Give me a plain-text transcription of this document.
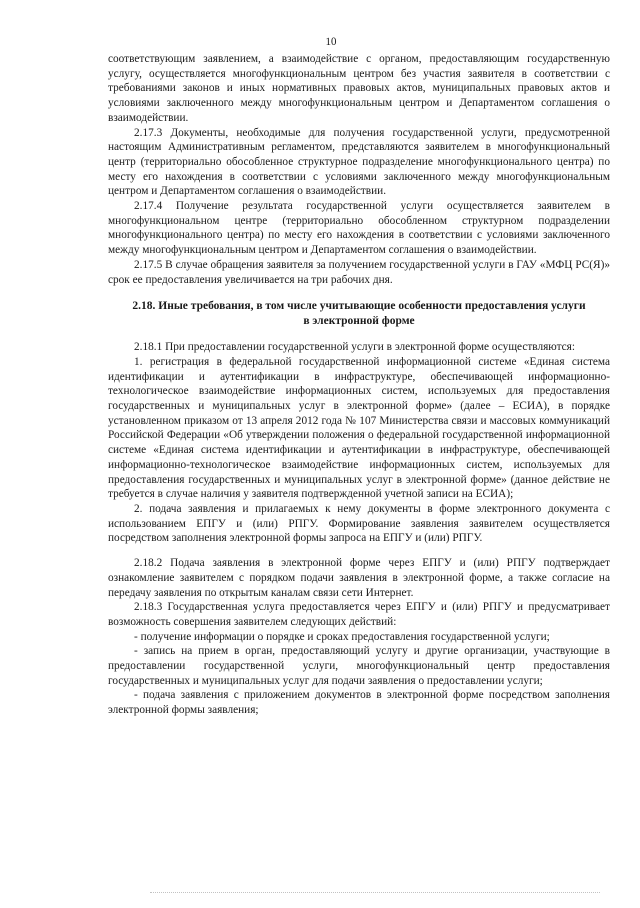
10

соответствующим заявлением, а взаимодействие с органом, предоставляющим государственную услугу, осуществляется многофункциональным центром без участия заявителя в соответствии с требованиями законов и иных нормативных правовых актов, муниципальных правовых актов и условиями заключенного между многофункциональным центром и Департаментом соглашения о взаимодействии.

2.17.3 Документы, необходимые для получения государственной услуги, предусмотренной настоящим Административным регламентом, представляются заявителем в многофункциональный центр (территориально обособленное структурное подразделение многофункционального центра) по месту его нахождения в соответствии с условиями заключенного между многофункциональным центром и Департаментом соглашения о взаимодействии.

2.17.4 Получение результата государственной услуги осуществляется заявителем в многофункциональном центре (территориально обособленном структурном подразделении многофункционального центра) по месту его нахождения в соответствии с условиями заключенного между многофункциональным центром и Департаментом соглашения о взаимодействии.

2.17.5 В случае обращения заявителя за получением государственной услуги в ГАУ «МФЦ РС(Я)» срок ее предоставления увеличивается на три рабочих дня.

2.18. Иные требования, в том числе учитывающие особенности предоставления услуги в электронной форме

2.18.1 При предоставлении государственной услуги в электронной форме осуществляются:

1. регистрация в федеральной государственной информационной системе «Единая система идентификации и аутентификации в инфраструктуре, обеспечивающей информационно-технологическое взаимодействие информационных систем, используемых для предоставления государственных и муниципальных услуг в электронной форме» (далее – ЕСИА), в порядке установленном приказом от 13 апреля 2012 года № 107 Министерства связи и массовых коммуникаций Российской Федерации «Об утверждении положения о федеральной государственной информационной системе «Единая система идентификации и аутентификации в инфраструктуре, обеспечивающей информационно-технологическое взаимодействие информационных систем, используемых для предоставления государственных и муниципальных услуг в электронной форме» (данное действие не требуется в случае наличия у заявителя подтвержденной учетной записи на ЕСИА);

2. подача заявления и прилагаемых к нему документы в форме электронного документа с использованием ЕПГУ и (или) РПГУ. Формирование заявления заявителем осуществляется посредством заполнения электронной формы запроса на ЕПГУ и (или) РПГУ.

2.18.2 Подача заявления в электронной форме через ЕПГУ и (или) РПГУ подтверждает ознакомление заявителем с порядком подачи заявления в электронной форме, а также согласие на передачу заявления по открытым каналам связи сети Интернет.

2.18.3 Государственная услуга предоставляется через ЕПГУ и (или) РПГУ и предусматривает возможность совершения заявителем следующих действий:

- получение информации о порядке и сроках предоставления государственной услуги;

- запись на прием в орган, предоставляющий услугу и другие организации, участвующие в предоставлении государственной услуги, многофункциональный центр предоставления государственных и муниципальных услуг для подачи заявления о предоставлении услуги;

- подача заявления с приложением документов в электронной форме посредством заполнения электронной формы заявления;
